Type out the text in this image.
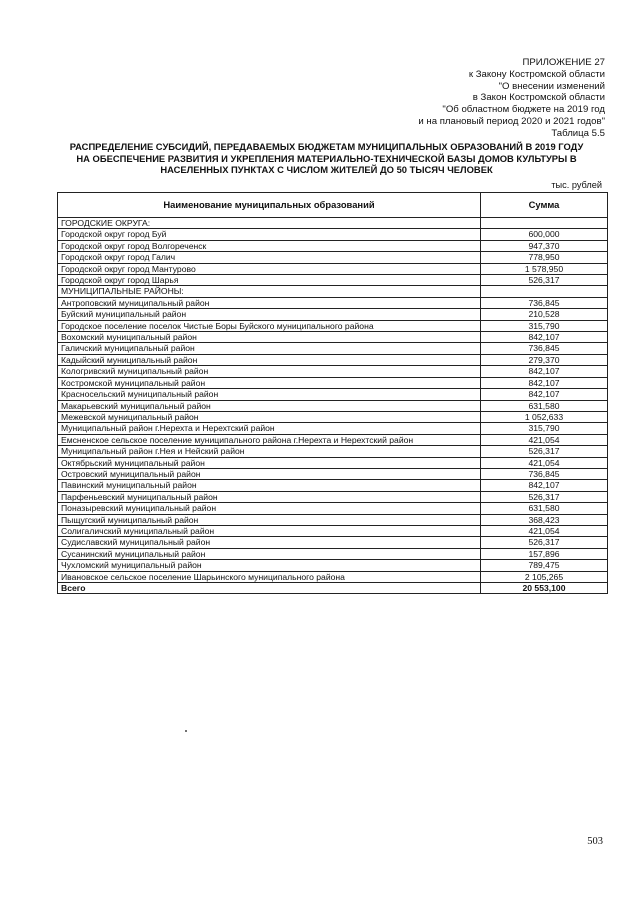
ПРИЛОЖЕНИЕ 27
к Закону Костромской области
"О внесении изменений
в Закон Костромской области
"Об областном бюджете на 2019 год
и на плановый период 2020 и 2021 годов"
Таблица 5.5
РАСПРЕДЕЛЕНИЕ СУБСИДИЙ, ПЕРЕДАВАЕМЫХ БЮДЖЕТАМ МУНИЦИПАЛЬНЫХ ОБРАЗОВАНИЙ В 2019 ГОДУ
НА ОБЕСПЕЧЕНИЕ РАЗВИТИЯ И УКРЕПЛЕНИЯ МАТЕРИАЛЬНО-ТЕХНИЧЕСКОЙ БАЗЫ ДОМОВ КУЛЬТУРЫ В
НАСЕЛЕННЫХ ПУНКТАХ С ЧИСЛОМ ЖИТЕЛЕЙ ДО 50 ТЫСЯЧ ЧЕЛОВЕК
тыс. рублей
Наименование муниципальных образований	Сумма
ГОРОДСКИЕ ОКРУГА:	
Городской округ город Буй	600,000
Городской округ город Волгореченск	947,370
Городской округ город Галич	778,950
Городской округ город Мантурово	1 578,950
Городской округ город Шарья	526,317
МУНИЦИПАЛЬНЫЕ РАЙОНЫ:	
Антроповский муниципальный район	736,845
Буйский муниципальный район	210,528
Городское поселение поселок Чистые Боры Буйского муниципального района	315,790
Вохомский муниципальный район	842,107
Галичский муниципальный район	736,845
Кадыйский муниципальный район	279,370
Кологривский муниципальный район	842,107
Костромской муниципальный район	842,107
Красносельский муниципальный район	842,107
Макарьевский муниципальный район	631,580
Межевской муниципальный район	1 052,633
Муниципальный район г.Нерехта и Нерехтский район	315,790
Емсненское сельское поселение муниципального района г.Нерехта и Нерехтский район	421,054
Муниципальный район г.Нея и Нейский район	526,317
Октябрьский муниципальный район	421,054
Островский муниципальный район	736,845
Павинский муниципальный район	842,107
Парфеньевский муниципальный район	526,317
Поназыревский муниципальный район	631,580
Пыщугский муниципальный район	368,423
Солигаличский муниципальный район	421,054
Судиславский муниципальный район	526,317
Сусанинский муниципальный район	157,896
Чухломский муниципальный район	789,475
Ивановское сельское поселение Шарьинского муниципального района	2 105,265
Всего	20 553,100
503
